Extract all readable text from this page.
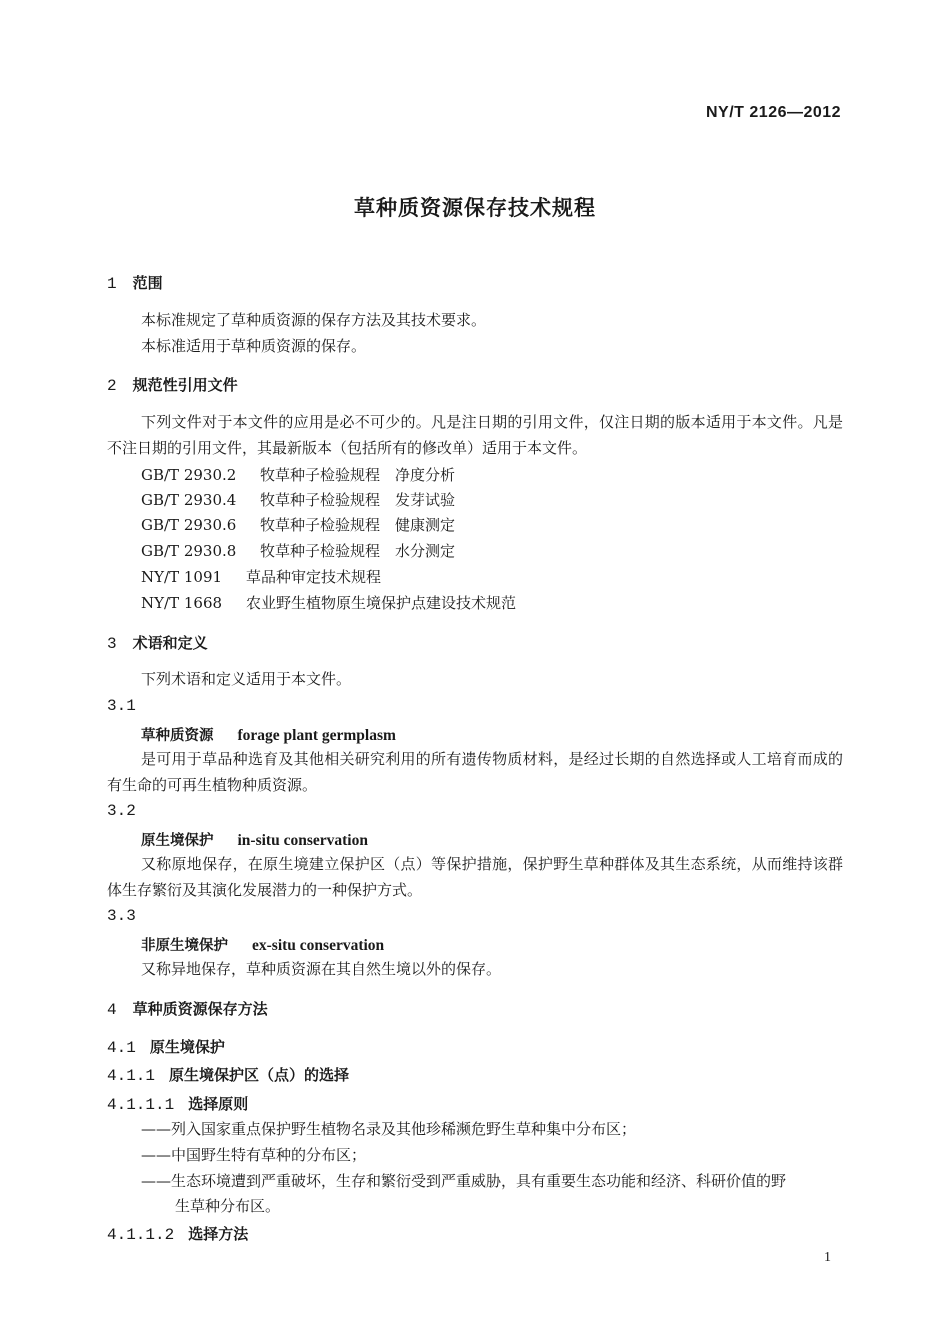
NY/T 2126—2012
草种质资源保存技术规程
1 范围
本标准规定了草种质资源的保存方法及其技术要求。
本标准适用于草种质资源的保存。
2 规范性引用文件
下列文件对于本文件的应用是必不可少的。凡是注日期的引用文件，仅注日期的版本适用于本文件。凡是不注日期的引用文件，其最新版本（包括所有的修改单）适用于本文件。
GB/T 2930.2 牧草种子检验规程　净度分析
GB/T 2930.4 牧草种子检验规程　发芽试验
GB/T 2930.6 牧草种子检验规程　健康测定
GB/T 2930.8 牧草种子检验规程　水分测定
NY/T 1091 草品种审定技术规程
NY/T 1668 农业野生植物原生境保护点建设技术规范
3 术语和定义
下列术语和定义适用于本文件。
3.1
草种质资源 forage plant germplasm
是可用于草品种选育及其他相关研究利用的所有遗传物质材料，是经过长期的自然选择或人工培育而成的有生命的可再生植物种质资源。
3.2
原生境保护 in-situ conservation
又称原地保存，在原生境建立保护区（点）等保护措施，保护野生草种群体及其生态系统，从而维持该群体生存繁衍及其演化发展潜力的一种保护方式。
3.3
非原生境保护 ex-situ conservation
又称异地保存，草种质资源在其自然生境以外的保存。
4 草种质资源保存方法
4.1 原生境保护
4.1.1 原生境保护区（点）的选择
4.1.1.1 选择原则
——列入国家重点保护野生植物名录及其他珍稀濒危野生草种集中分布区；
——中国野生特有草种的分布区；
——生态环境遭到严重破坏，生存和繁衍受到严重威胁，具有重要生态功能和经济、科研价值的野
生草种分布区。
4.1.1.2 选择方法
1
